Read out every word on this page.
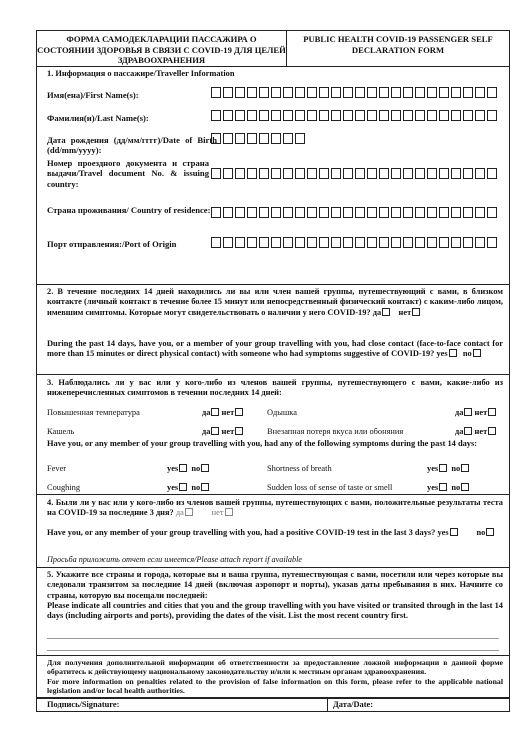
ФОРМА САМОДЕКЛАРАЦИИ ПАССАЖИРА О СОСТОЯНИИ ЗДОРОВЬЯ В СВЯЗИ С COVID-19 ДЛЯ ЦЕЛЕЙ ЗДРАВООХРАНЕНИЯ
PUBLIC HEALTH COVID-19 PASSENGER SELF DECLARATION FORM
1. Информация о пассажире/Traveller Information
Имя(ена)/First Name(s):
Фамилия(и)/Last Name(s):
Дата рождения (дд/мм/гггг)/Date of Birth (dd/mm/yyyy):
Номер проездного документа и страна выдачи/Travel document No. & issuing country:
Страна проживания/ Country of residence:
Порт отправления:/Port of Origin
2. В течение последних 14 дней находились ли вы или член вашей группы, путешествующий с вами, в близком контакте (личный контакт в течение более 15 минут или непосредственный физический контакт) с каким-либо лицом, имевшим симптомы. Которые могут свидетельствовать о наличии у него COVID-19? да нет
During the past 14 days, have you, or a member of your group travelling with you, had close contact (face-to-face contact for more than 15 minutes or direct physical contact) with someone who had symptoms suggestive of COVID-19? yes no
3. Наблюдались ли у вас или у кого-либо из членов вашей группы, путешествующего с вами, какие-либо из нижеперечисленных симптомов в течении последних 14 дней:
Повышенная температура	да нет	Одышка	да нет
Кашель	да нет	Внезапная потеря вкуса или обоняния	да нет
Have you, or any member of your group travelling with you, had any of the following symptoms during the past 14 days:
Fever	yes no	Shortness of breath	yes no
Coughing	yes no	Sudden loss of sense of taste or smell	yes no
4. Были ли у вас или у кого-либо из членов вашей группы, путешествующих с вами, положительные результаты теста на COVID-19 за последние 3 дня? да	нет
Have you, or any member of your group travelling with you, had a positive COVID-19 test in the last 3 days? yes	no
Просьба приложить отчет если имеется/Please attach report if available
5. Укажите все страны и города, которые вы и ваша группа, путешествующая с вами, посетили или через которые вы следовали транзитом за последние 14 дней (включая аэропорт и порты), указав даты пребывания в них. Начните со страны, которую вы посещали последней:
Please indicate all countries and cities that you and the group travelling with you have visited or transited through in the last 14 days (including airports and ports), providing the dates of the visit. List the most recent country first.
Для получения дополнительной информации об ответственности за предоставление ложной информации в данной форме обратитесь к действующему национальному законодательству и/или к местным органам здравоохранения.
For more information on penalties related to the provision of false information on this form, please refer to the applicable national legislation and/or local health authorities.
Подпись/Signature:	Дата/Date:
